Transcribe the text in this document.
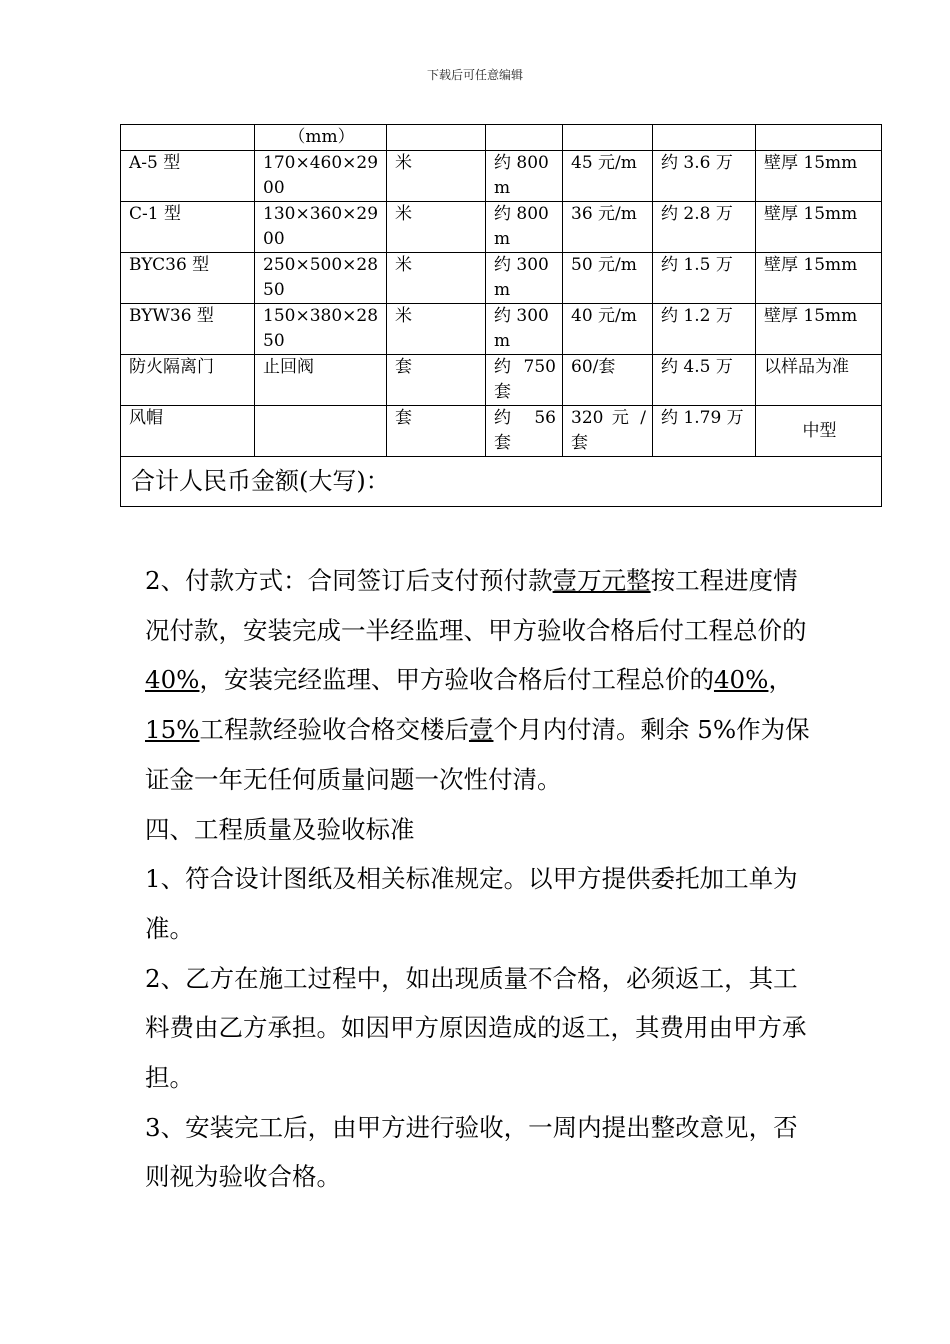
下载后可任意编辑
	（mm）					
A-5 型	170×460×2900	米	约 800m	45 元/m	约 3.6 万	壁厚 15mm
C-1 型	130×360×2900	米	约 800m	36 元/m	约 2.8 万	壁厚 15mm
BYC36 型	250×500×2850	米	约 300m	50 元/m	约 1.5 万	壁厚 15mm
BYW36 型	150×380×2850	米	约 300m	40 元/m	约 1.2 万	壁厚 15mm
防火隔离门	止回阀	套	约 750 套	60/套	约 4.5 万	以样品为准
风帽		套	约 56 套	320 元 / 套	约 1.79 万	中型
合计人民币金额(大写)：						

2、付款方式：合同签订后支付预付款壹万元整按工程进度情况付款，安装完成一半经监理、甲方验收合格后付工程总价的40%，安装完经监理、甲方验收合格后付工程总价的40%，15%工程款经验收合格交楼后壹个月内付清。剩余 5%作为保证金一年无任何质量问题一次性付清。

四、工程质量及验收标准

1、符合设计图纸及相关标准规定。以甲方提供委托加工单为准。

2、乙方在施工过程中，如出现质量不合格，必须返工，其工料费由乙方承担。如因甲方原因造成的返工，其费用由甲方承担。

3、安装完工后，由甲方进行验收，一周内提出整改意见，否则视为验收合格。
